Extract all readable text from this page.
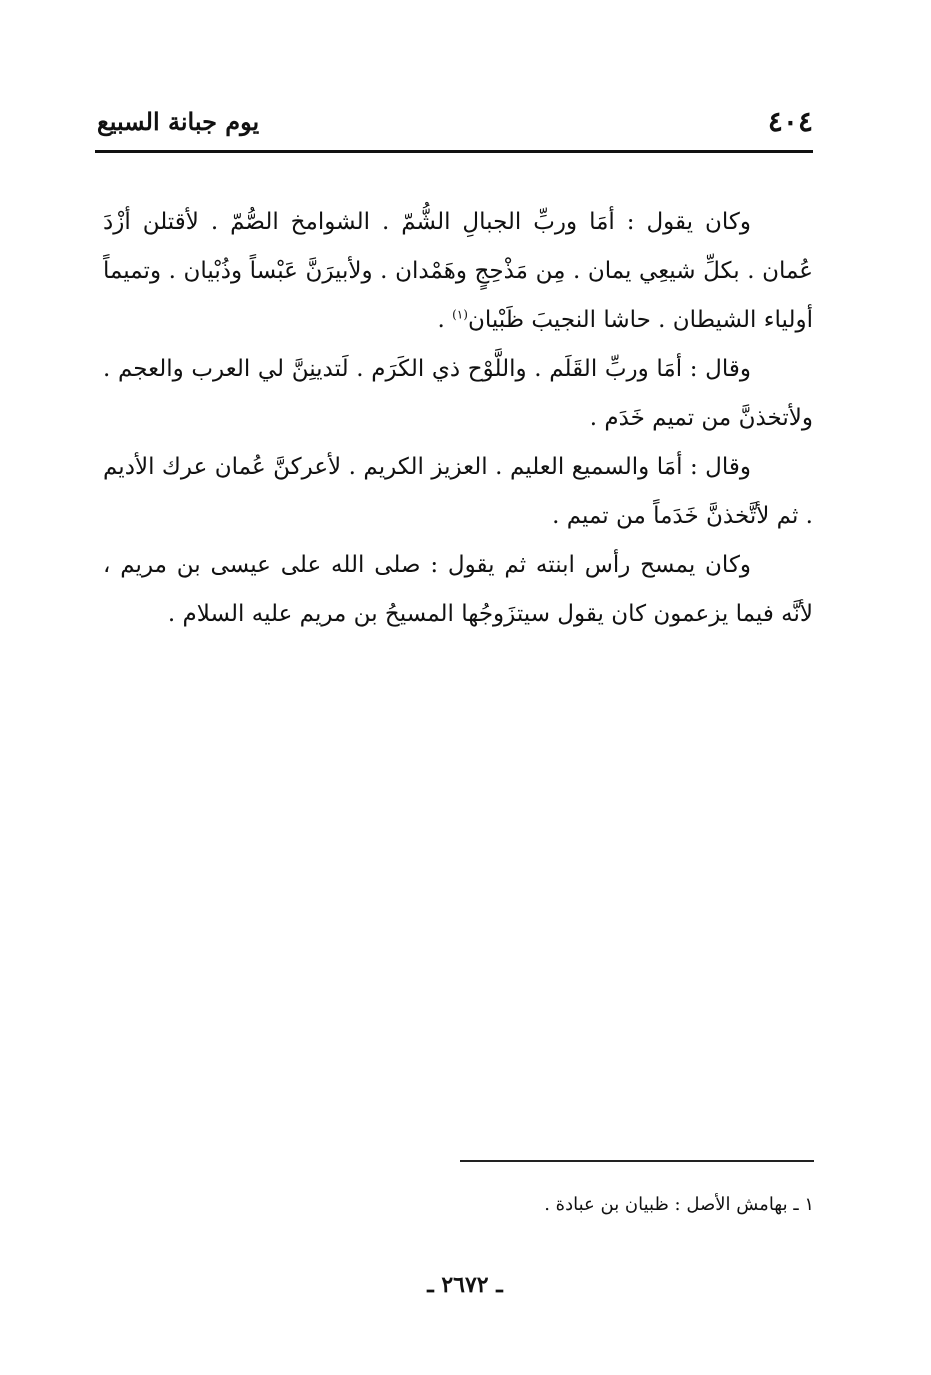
٤٠٤
يوم جبانة السبيع

وكان يقول : أمَا وربِّ الجبالِ الشُّمّ . الشوامخ الصُّمّ . لأقتلن أزْدَ عُمان . بكلِّ شيعِي يمان . مِن مَذْحِجٍ وهَمْدان . ولأبيرَنَّ عَبْساً وذُبْيان . وتميماً أولياء الشيطان . حاشا النجيبَ ظَبْيان$^{(١)}$ .

وقال : أمَا وربِّ القَلَم . واللَّوْح ذي الكَرَم . لَتدينِنَّ لي العرب والعجم . ولأتخذنَّ من تميم خَدَم .

وقال : أمَا والسميع العليم . العزيز الكريم . لأعركنَّ عُمان عرك الأديم . ثم لأتَّخذنَّ خَدَماً من تميم .

وكان يمسح رأس ابنته ثم يقول : صلى الله على عيسى بن مريم ، لأنَّه فيما يزعمون كان يقول سيتزَوجُها المسيحُ بن مريم عليه السلام .

١ ـ بهامش الأصل : ظبيان بن عبادة .
ـ ٢٦٧٢ ـ
